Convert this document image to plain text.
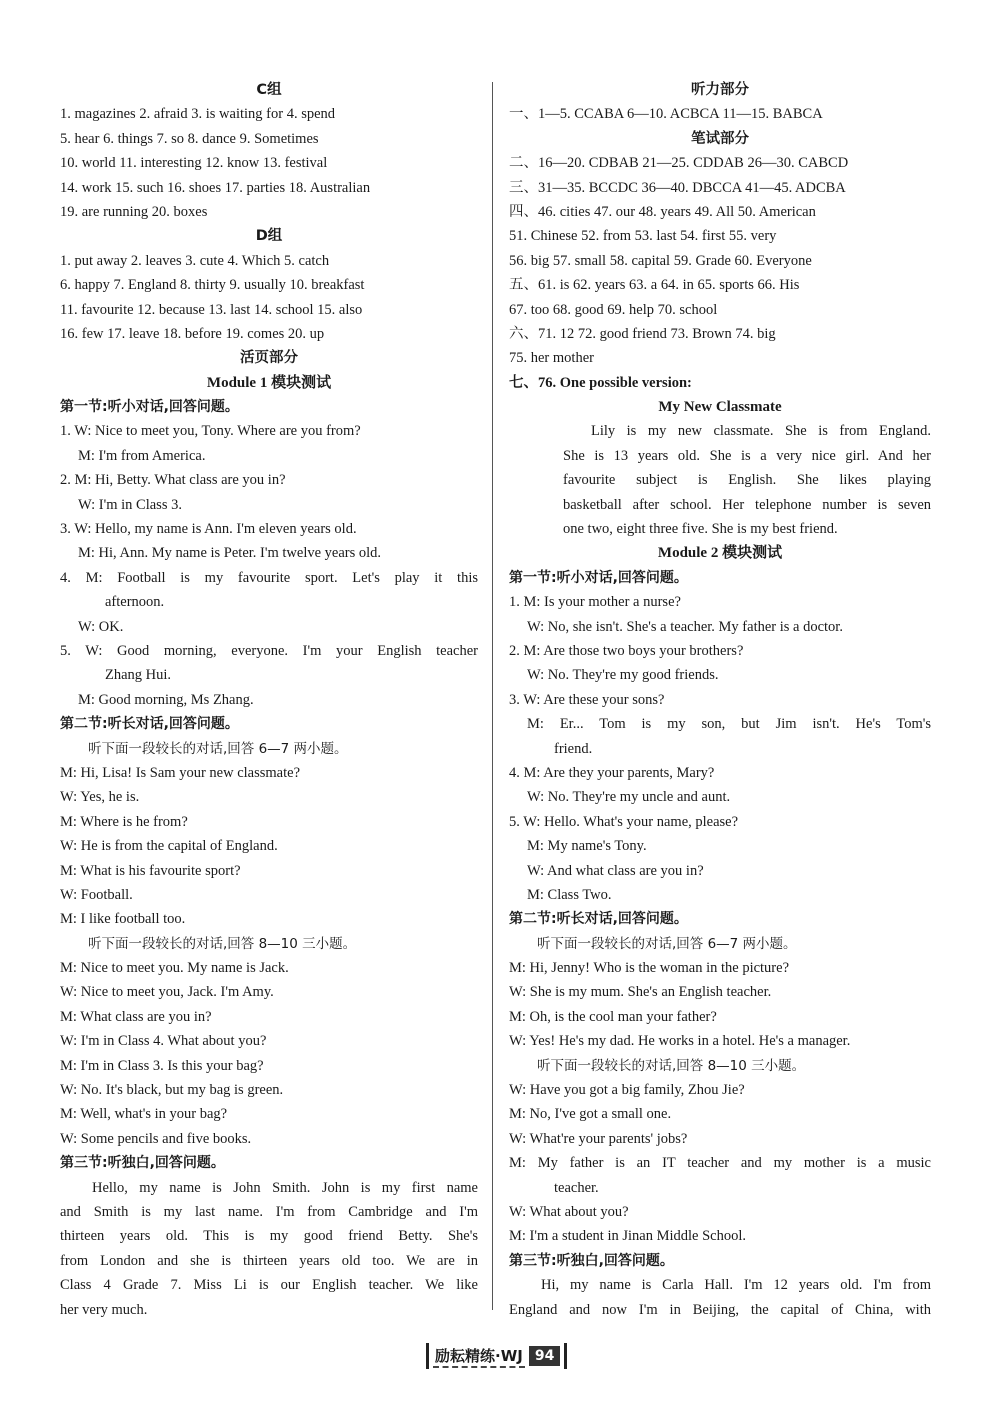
C组
1. magazines 2. afraid 3. is waiting for 4. spend
5. hear 6. things 7. so 8. dance 9. Sometimes
10. world 11. interesting 12. know 13. festival
14. work 15. such 16. shoes 17. parties 18. Australian
19. are running 20. boxes
D组
1. put away 2. leaves 3. cute 4. Which 5. catch
6. happy 7. England 8. thirty 9. usually 10. breakfast
11. favourite 12. because 13. last 14. school 15. also
16. few 17. leave 18. before 19. comes 20. up
活页部分
Module 1 模块测试
第一节:听小对话,回答问题。
1. W: Nice to meet you, Tony. Where are you from?
M: I'm from America.
2. M: Hi, Betty. What class are you in?
W: I'm in Class 3.
3. W: Hello, my name is Ann. I'm eleven years old.
M: Hi, Ann. My name is Peter. I'm twelve years old.
4. M: Football is my favourite sport. Let's play it this
afternoon.
W: OK.
5. W: Good morning, everyone. I'm your English teacher
Zhang Hui.
M: Good morning, Ms Zhang.
第二节:听长对话,回答问题。
听下面一段较长的对话,回答 6—7 两小题。
M: Hi, Lisa! Is Sam your new classmate?
W: Yes, he is.
M: Where is he from?
W: He is from the capital of England.
M: What is his favourite sport?
W: Football.
M: I like football too.
听下面一段较长的对话,回答 8—10 三小题。
M: Nice to meet you. My name is Jack.
W: Nice to meet you, Jack. I'm Amy.
M: What class are you in?
W: I'm in Class 4. What about you?
M: I'm in Class 3. Is this your bag?
W: No. It's black, but my bag is green.
M: Well, what's in your bag?
W: Some pencils and five books.
第三节:听独白,回答问题。
Hello, my name is John Smith. John is my first name
and Smith is my last name. I'm from Cambridge and I'm
thirteen years old. This is my good friend Betty. She's
from London and she is thirteen years old too. We are in
Class 4 Grade 7. Miss Li is our English teacher. We like
her very much.
听力部分
一、1—5. CCABA 6—10. ACBCA 11—15. BABCA
笔试部分
二、16—20. CDBAB 21—25. CDDAB 26—30. CABCD
三、31—35. BCCDC 36—40. DBCCA 41—45. ADCBA
四、46. cities 47. our 48. years 49. All 50. American
51. Chinese 52. from 53. last 54. first 55. very
56. big 57. small 58. capital 59. Grade 60. Everyone
五、61. is 62. years 63. a 64. in 65. sports 66. His
67. too 68. good 69. help 70. school
六、71. 12 72. good friend 73. Brown 74. big
75. her mother
七、76. One possible version:
My New Classmate
Lily is my new classmate. She is from England.
She is 13 years old. She is a very nice girl. And her
favourite subject is English. She likes playing
basketball after school. Her telephone number is seven
one two, eight three five. She is my best friend.
Module 2 模块测试
第一节:听小对话,回答问题。
1. M: Is your mother a nurse?
W: No, she isn't. She's a teacher. My father is a doctor.
2. M: Are those two boys your brothers?
W: No. They're my good friends.
3. W: Are these your sons?
M: Er... Tom is my son, but Jim isn't. He's Tom's
friend.
4. M: Are they your parents, Mary?
W: No. They're my uncle and aunt.
5. W: Hello. What's your name, please?
M: My name's Tony.
W: And what class are you in?
M: Class Two.
第二节:听长对话,回答问题。
听下面一段较长的对话,回答 6—7 两小题。
M: Hi, Jenny! Who is the woman in the picture?
W: She is my mum. She's an English teacher.
M: Oh, is the cool man your father?
W: Yes! He's my dad. He works in a hotel. He's a manager.
听下面一段较长的对话,回答 8—10 三小题。
W: Have you got a big family, Zhou Jie?
M: No, I've got a small one.
W: What're your parents' jobs?
M: My father is an IT teacher and my mother is a music
teacher.
W: What about you?
M: I'm a student in Jinan Middle School.
第三节:听独白,回答问题。
Hi, my name is Carla Hall. I'm 12 years old. I'm from
England and now I'm in Beijing, the capital of China, with
励耘精练·WJ 94
